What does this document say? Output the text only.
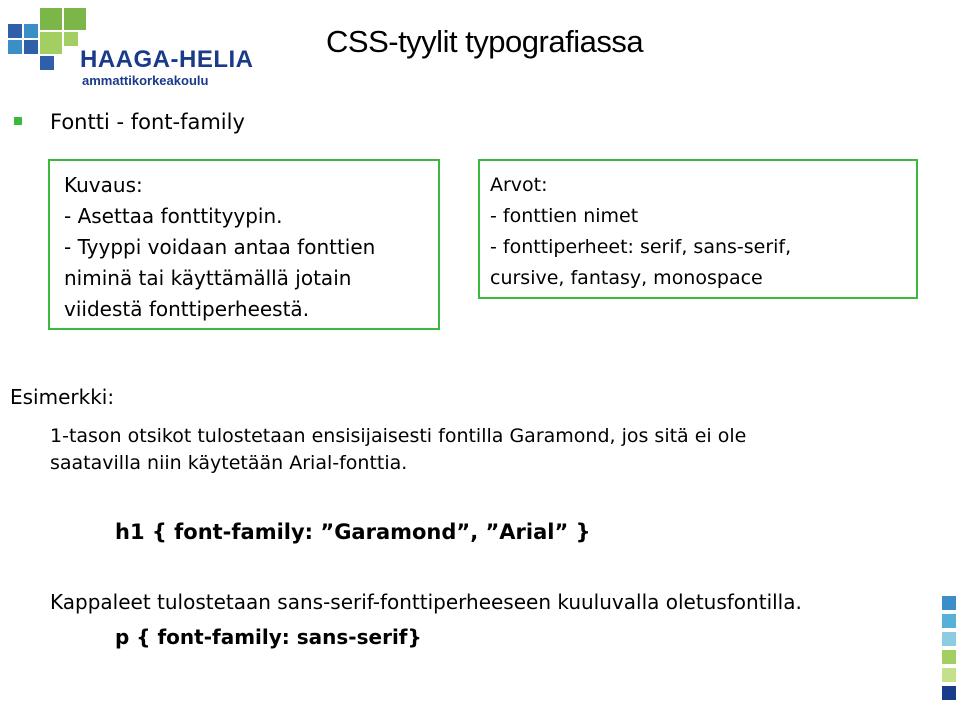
HAAGA-HELIA
ammattikorkeakoulu
CSS-tyylit typografiassa
Fontti - font-family
Kuvaus:
- Asettaa fonttityypin.
- Tyyppi voidaan antaa fonttien
niminä tai käyttämällä jotain
viidestä fonttiperheestä.
Arvot:
- fonttien nimet
- fonttiperheet: serif, sans-serif,
cursive, fantasy, monospace
Esimerkki:
1-tason otsikot tulostetaan ensisijaisesti fontilla Garamond, jos sitä ei ole
saatavilla niin käytetään Arial-fonttia.
h1 { font-family: ”Garamond”, ”Arial” }
Kappaleet tulostetaan sans-serif-fonttiperheeseen kuuluvalla oletusfontilla.
p { font-family: sans-serif}
